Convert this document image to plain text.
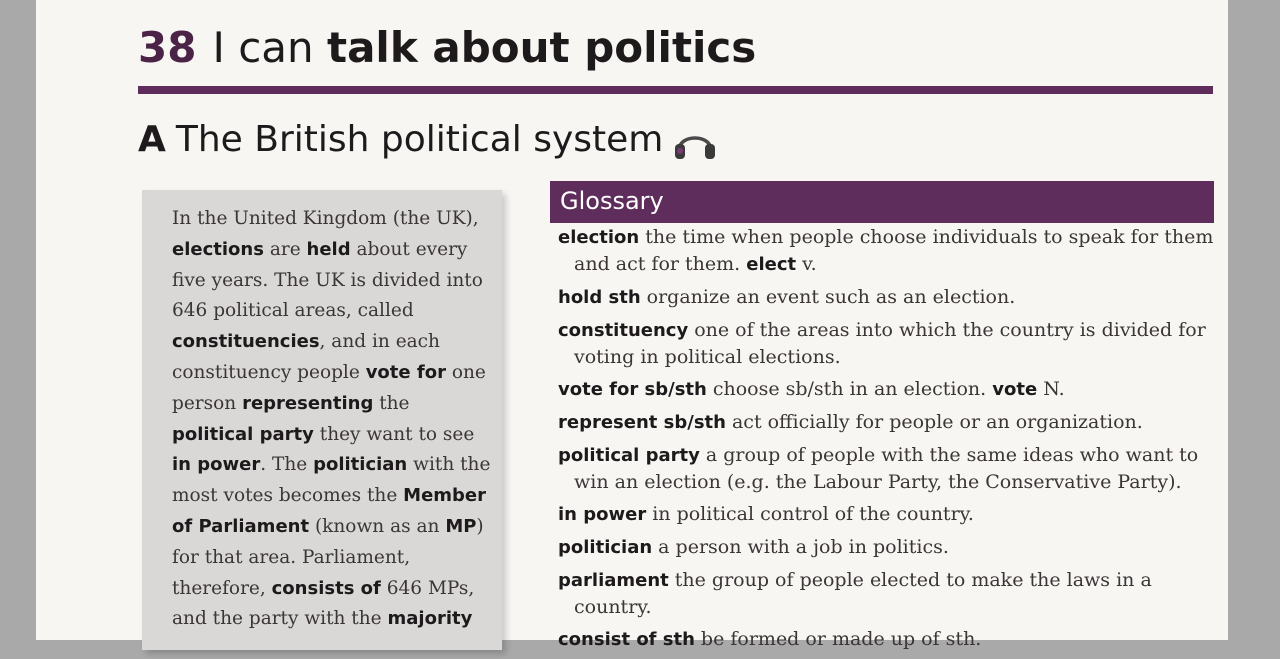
38 I can talk about politics
A The British political system

In the United Kingdom (the UK), elections are held about every five years. The UK is divided into 646 political areas, called constituencies, and in each constituency people vote for one person representing the political party they want to see in power. The politician with the most votes becomes the Member of Parliament (known as an MP) for that area. Parliament, therefore, consists of 646 MPs, and the party with the majority

Glossary
election the time when people choose individuals to speak for them and act for them. elect v.
hold sth organize an event such as an election.
constituency one of the areas into which the country is divided for voting in political elections.
vote for sb/sth choose sb/sth in an election. vote N.
represent sb/sth act officially for people or an organization.
political party a group of people with the same ideas who want to win an election (e.g. the Labour Party, the Conservative Party).
in power in political control of the country.
politician a person with a job in politics.
parliament the group of people elected to make the laws in a country.
consist of sth be formed or made up of sth.
